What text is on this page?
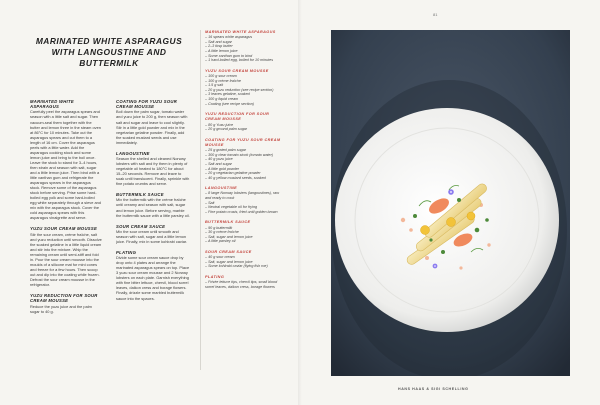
MARINATED WHITE ASPARAGUS WITH LANGOUSTINE AND BUTTERMILK
MARINATED WHITE ASPARAGUS
Carefully peel the asparagus spears and season with a little salt and sugar. Then vacuum-seal them together with the butter and lemon three in the steam oven at 86°C for 10 minutes. Take out the asparagus spears and cut them to a length of 16 cm. Cover the asparagus peels with a little water. Add the asparagus cooking stock and some lemon juice and bring to the boil once. Leave the stock to stand for 3–4 hours, then strain and season with salt, sugar and a little lemon juice. Then bind with a little xanthan gum and refrigerate the asparagus spears in the asparagus stock. Remove some of the asparagus stock before serving. Prise some hard-boiled egg yolk and some hard-boiled egg white separately through a sieve and mix with the asparagus stock. Cover the cold asparagus spears with this asparagus vinaigrette and serve.
YUZU SOUR CREAM MOUSSE
Stir the sour cream, crème fraîche, salt and yuzu reduction until smooth. Dissolve the soaked gelatine in a little liquid cream and stir into the mixture. Whip the remaining cream until semi-stiff and fold in. Pour the sour cream mousse into the moulds of a silicone mat for mini cones and freeze for a few hours. Then scoop out and dip into the coating while frozen. Defrost the sour cream mousse in the refrigerator.
YUZU REDUCTION FOR SOUR CREAM MOUSSE
Reduce the yuzu juice and the palm sugar to 40 g.
COATING FOR YUZU SOUR CREAM MOUSSE
Boil down the palm sugar, tomato water and yuzu juice to 200 g, then season with salt and sugar and leave to cool slightly. Stir in a little gold powder and mix in the vegetarian gelatine powder. Finally, add the soaked mustard seeds and use immediately.
LANGOUSTINE
Season the shelled and cleaned Norway lobsters with salt and fry them in plenty of vegetable oil heated to 180°C for about 15–20 seconds. Remove and leave to soak until translucent. Finally, sprinkle with fine potato crumbs and serve.
BUTTERMILK SAUCE
Mix the buttermilk with the crème fraîche until creamy and season with salt, sugar and lemon juice. Before serving, marble the buttermilk sauce with a little parsley oil.
SOUR CREAM SAUCE
Mix the sour cream until smooth and season with salt, sugar and a little lemon juice. Finally, mix in some kohlrabi caviar.
PLATING
Divide some sour cream sauce drop by drop onto 4 plates and arrange the marinated asparagus spears on top. Place 3 yuzu sour cream mousse and 2 Norway lobsters on each plate. Garnish everything with fine bitter lettuce, chervil, blood sorrel leaves, daikon cress and borage flowers. Finally, drizzle some marbled buttermilk sauce into the spaces.
MARINATED WHITE ASPARAGUS
– 16 spears white asparagus
– Salt and sugar
– 2–3 tbsp butter
– A little lemon juice
– Some xanthan gum to bind
– 1 hard-boiled egg, boiled for 10 minutes
YUZU SOUR CREAM MOUSSE
– 100 g sour cream
– 100 g crème fraîche
– 1.5 g salt
– 20 g yuzu reduction (see recipe section)
– 3 leaves gelatine, soaked
– 100 g liquid cream
– Coating (see recipe section)
YUZU REDUCTION FOR SOUR CREAM MOUSSE
– 80 g Yuzu juice
– 20 g ground palm sugar
COATING FOR YUZU SOUR CREAM MOUSSE
– 25 g grated palm sugar
– 300 g clear tomato stock (tomato water)
– 40 g yuzu juice
– Salt and sugar
– A little gold powder
– 20 g vegetarian gelatine powder
– 40 g yellow mustard seeds, soaked
LANGOUSTINE
– 8 large Norway lobsters (langoustines), raw and ready to cook
– Salt
– Neutral vegetable oil for frying
– Fine potato crusts, fried until golden brown
BUTTERMILK SAUCE
– 90 g buttermilk
– 30 g crème fraîche
– Salt, sugar and lemon juice
– A little parsley oil
SOUR CREAM SAUCE
– 40 g sour cream
– Salt, sugar and lemon juice
– Some kohlrabi caviar (flying fish roe)
PLATING
– Frisée lettuce tips, chervil tips, small blood sorrel leaves, daikon cress, borage flowers
81
HANS HAAS & SIGI SCHELLING
